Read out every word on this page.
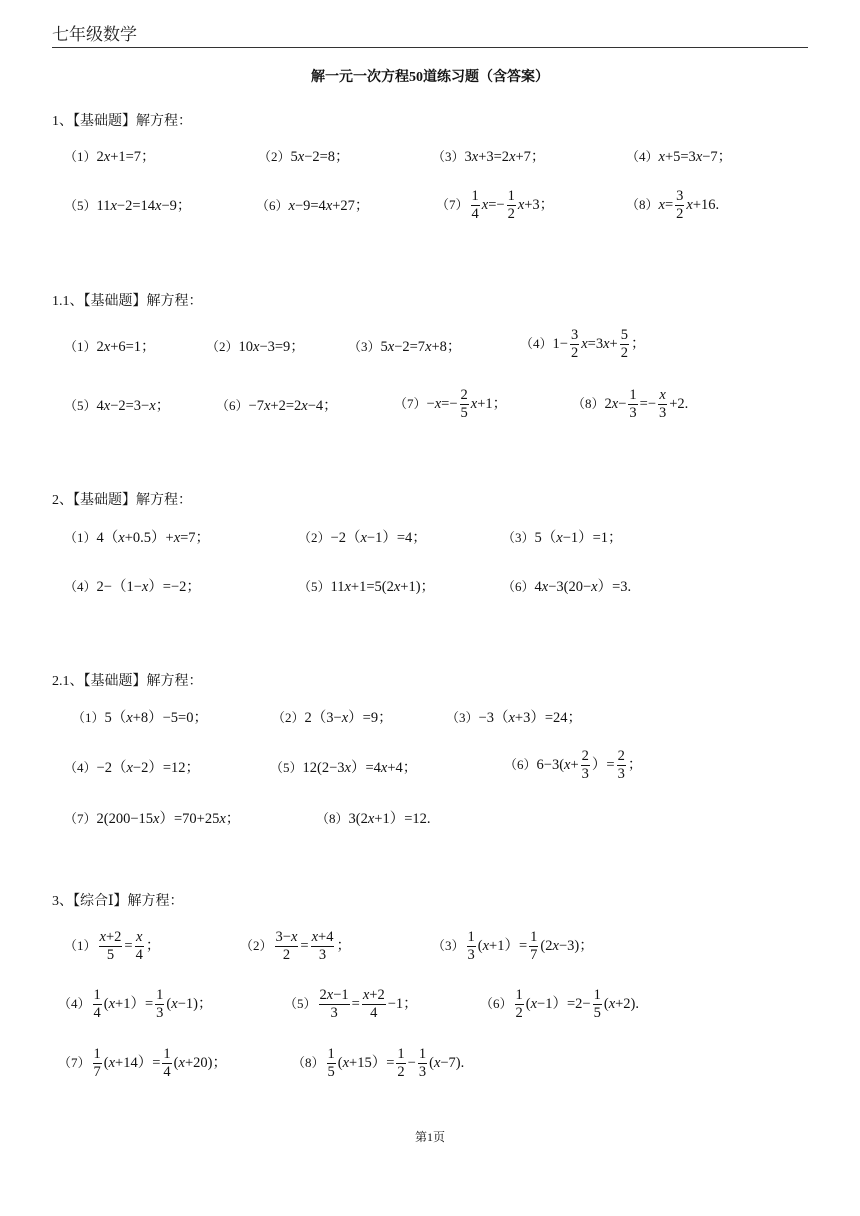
七年级数学
解一元一次方程50道练习题（含答案）
1、【基础题】解方程：
（1）2x+1=7；	（2）5x−2=8；	（3）3x+3=2x+7；	（4）x+5=3x−7；
（5）11x−2=14x−9；	（6）x−9=4x+27；	$(7) \frac{1}{4} x=- \frac{1}{2} x+3$；	$(8)x= \frac{3}{2} x+16$.
1.1、【基础题】解方程：
（1）2x+6=1；	（2）10x−3=9；	（3）5x−2=7x+8；	$(4)1- \frac{3}{2} x=3x+ \frac{5}{2}$ ；
（5）4x−2=3−x；	（6）−7x+2=2x−4；	$(7)-x=- \frac{2}{5} x+1$；	$(8)2x- \frac{1}{3} =- \frac{x}{3} +2$.
2、【基础题】解方程：
（1）4（x+0.5）+x=7；	（2）−2（x−1）=4；	（3）5（x−1）=1；
（4）2−（1−x）=−2；	（5）11x+1=5(2x+1)；	（6）4x−3(20−x）=3.
2.1、【基础题】解方程：
（1）5（x+8）−5=0；	（2）2（3−x）=9；	（3）−3（x+3）=24；
（4）−2（x−2）=12；	（5）12(2−3x）=4x+4；	$(6)6-3(x+ \frac{2}{3}$ ）= $\frac{2}{3}$ ；
（7）2(200−15x）=70+25x；	（8）3(2x+1）=12.
3、【综合Ⅰ】解方程：
$(1) \frac{x+2}{5} = \frac{x}{4}$ ；	$(2) \frac{3-x}{2} = \frac{x+4}{3}$ ；	$(3) \frac{1}{3} (x+1)= \frac{1}{7} (2x-3)$；
$(4) \frac{1}{4} (x+1)= \frac{1}{3} (x-1)$；	$(5) \frac{2x-1}{3} = \frac{x+2}{4} -1$；	$(6) \frac{1}{2} (x-1)=2- \frac{1}{5} (x+2)$.
$(7) \frac{1}{7} (x+14)= \frac{1}{4} (x+20)$；	$(8) \frac{1}{5} (x+15)= \frac{1}{2} - \frac{1}{3} (x-7)$.
第1页
